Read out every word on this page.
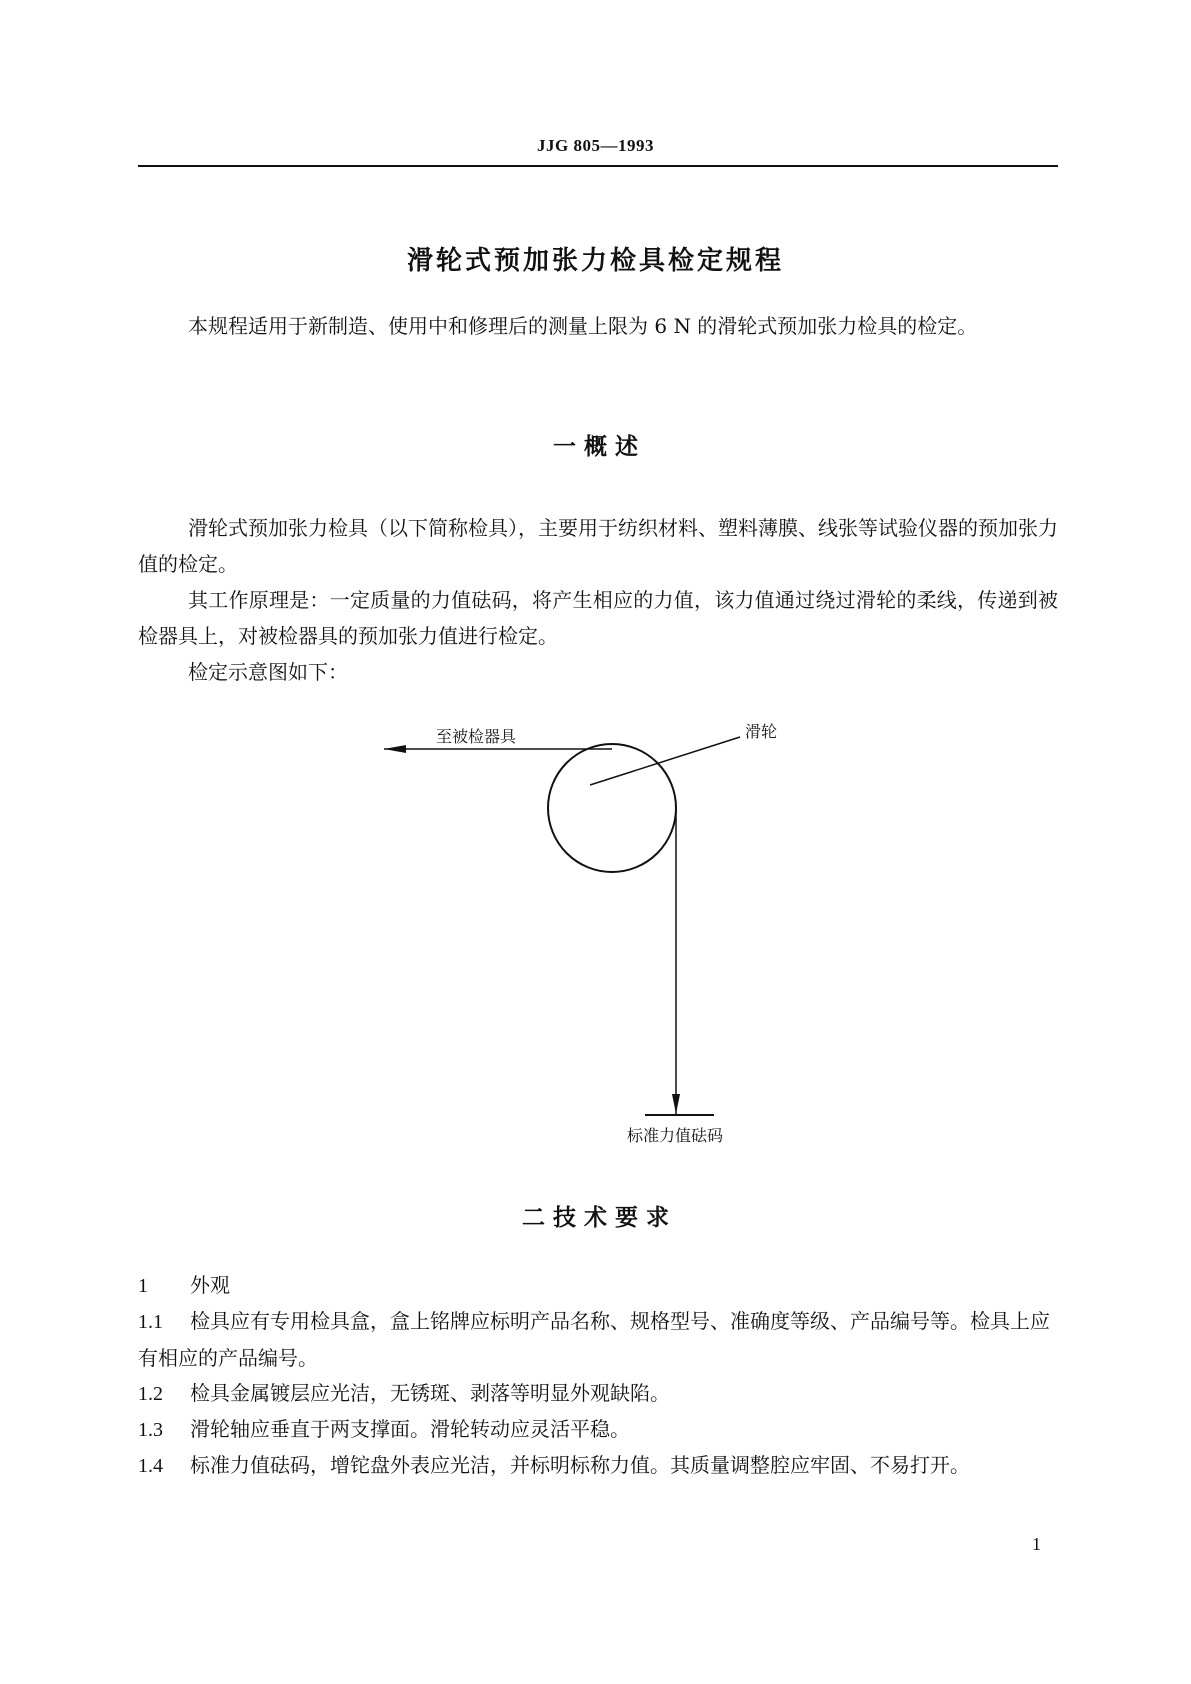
JJG 805—1993
滑轮式预加张力检具检定规程

本规程适用于新制造、使用中和修理后的测量上限为 6 N 的滑轮式预加张力检具的检定。

一 概 述

滑轮式预加张力检具（以下简称检具），主要用于纺织材料、塑料薄膜、线张等试验仪器的预加张力值的检定。

其工作原理是：一定质量的力值砝码，将产生相应的力值，该力值通过绕过滑轮的柔线，传递到被检器具上，对被检器具的预加张力值进行检定。

检定示意图如下：

至被检器具	滑轮
标准力值砝码
二 技 术 要 求

1 外观

1.1 检具应有专用检具盒，盒上铭牌应标明产品名称、规格型号、准确度等级、产品编号等。检具上应有相应的产品编号。

1.2 检具金属镀层应光洁，无锈斑、剥落等明显外观缺陷。

1.3 滑轮轴应垂直于两支撑面。滑轮转动应灵活平稳。

1.4 标准力值砝码，增铊盘外表应光洁，并标明标称力值。其质量调整腔应牢固、不易打开。

1
